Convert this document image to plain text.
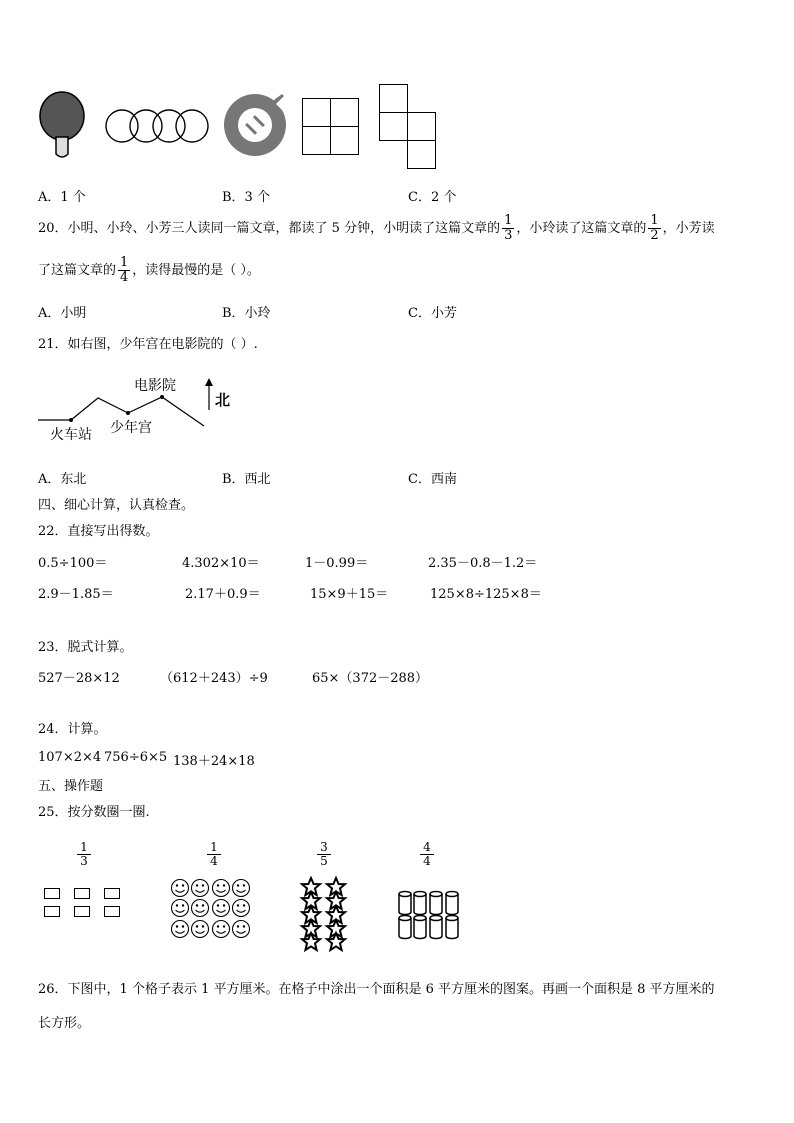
A．1 个	B．3 个	C．2 个
20．小明、小玲、小芳三人读同一篇文章，都读了 5 分钟，小明读了这篇文章的 $\frac{1}{3}$ ，小玲读了这篇文章的 $\frac{1}{2}$ ，小芳读
了这篇文章的 $\frac{1}{4}$ ，读得最慢的是（ ）。
A．小明	B．小玲	C．小芳
21．如右图，少年宫在电影院的（ ）.
电影院
火车站 少年宫
北
A．东北	B．西北	C．西南
四、细心计算，认真检查。
22．直接写出得数。
0.5÷100＝	4.302×10＝	1－0.99＝	2.35－0.8－1.2＝
2.9－1.85＝	2.17＋0.9＝	15×9＋15＝	125×8÷125×8＝
23．脱式计算。
527－28×12	（612＋243）÷9	65×（372－288）
24．计算。
107×2×4 756÷6×5 138＋24×18
五、操作题
25．按分数圈一圈.
1
3
1
4
3
5
4
4
26．下图中，1 个格子表示 1 平方厘米。在格子中涂出一个面积是 6 平方厘米的图案。再画一个面积是 8 平方厘米的
长方形。
